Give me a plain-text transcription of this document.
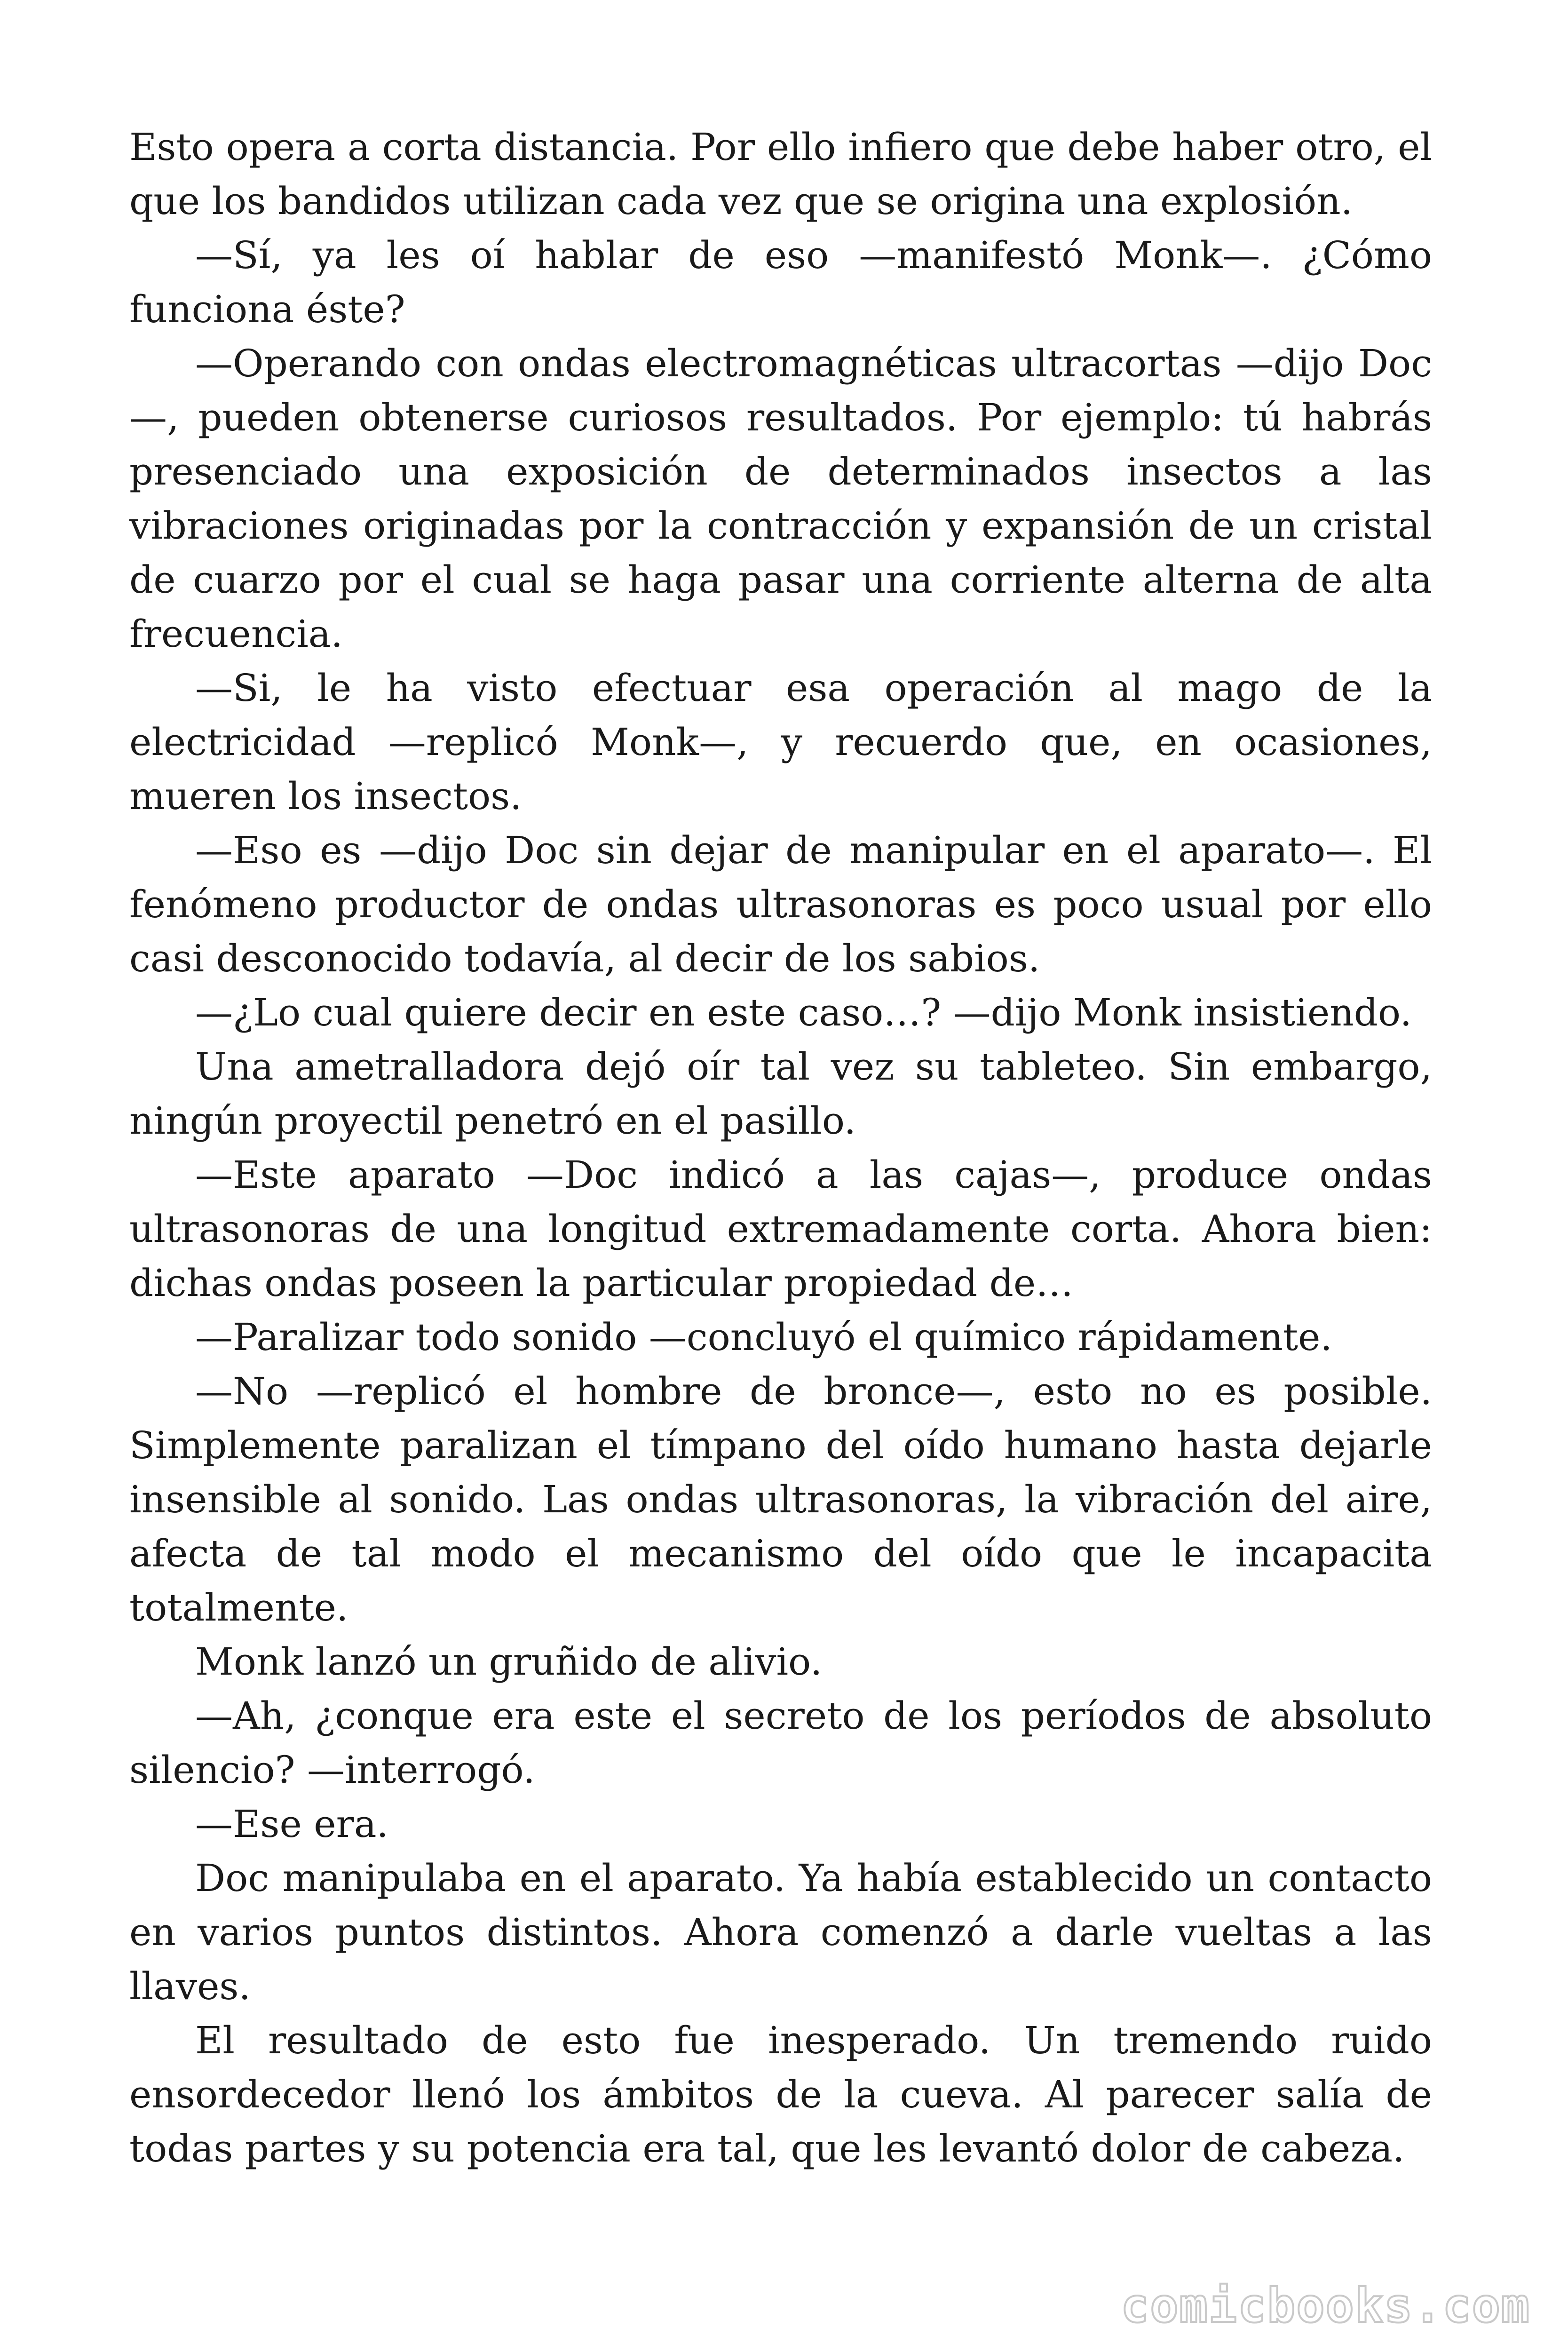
Esto opera a corta distancia. Por ello infiero que debe haber otro, el que los bandidos utilizan cada vez que se origina una explosión.

—Sí, ya les oí hablar de eso —manifestó Monk—. ¿Cómo funciona éste?

—Operando con ondas electromagnéticas ultracortas —dijo Doc —, pueden obtenerse curiosos resultados. Por ejemplo: tú habrás presenciado una exposición de determinados insectos a las vibraciones originadas por la contracción y expansión de un cristal de cuarzo por el cual se haga pasar una corriente alterna de alta frecuencia.

—Si, le ha visto efectuar esa operación al mago de la electricidad —replicó Monk—, y recuerdo que, en ocasiones, mueren los insectos.

—Eso es —dijo Doc sin dejar de manipular en el aparato—. El fenómeno productor de ondas ultrasonoras es poco usual por ello casi desconocido todavía, al decir de los sabios.

—¿Lo cual quiere decir en este caso…? —dijo Monk insistiendo.

Una ametralladora dejó oír tal vez su tableteo. Sin embargo, ningún proyectil penetró en el pasillo.

—Este aparato —Doc indicó a las cajas—, produce ondas ultrasonoras de una longitud extremadamente corta. Ahora bien: dichas ondas poseen la particular propiedad de…

—Paralizar todo sonido —concluyó el químico rápidamente.

—No —replicó el hombre de bronce—, esto no es posible. Simplemente paralizan el tímpano del oído humano hasta dejarle insensible al sonido. Las ondas ultrasonoras, la vibración del aire, afecta de tal modo el mecanismo del oído que le incapacita totalmente.

Monk lanzó un gruñido de alivio.

—Ah, ¿conque era este el secreto de los períodos de absoluto silencio? —interrogó.

—Ese era.

Doc manipulaba en el aparato. Ya había establecido un contacto en varios puntos distintos. Ahora comenzó a darle vueltas a las llaves.

El resultado de esto fue inesperado. Un tremendo ruido ensordecedor llenó los ámbitos de la cueva. Al parecer salía de todas partes y su potencia era tal, que les levantó dolor de cabeza.

comicbooks.com
